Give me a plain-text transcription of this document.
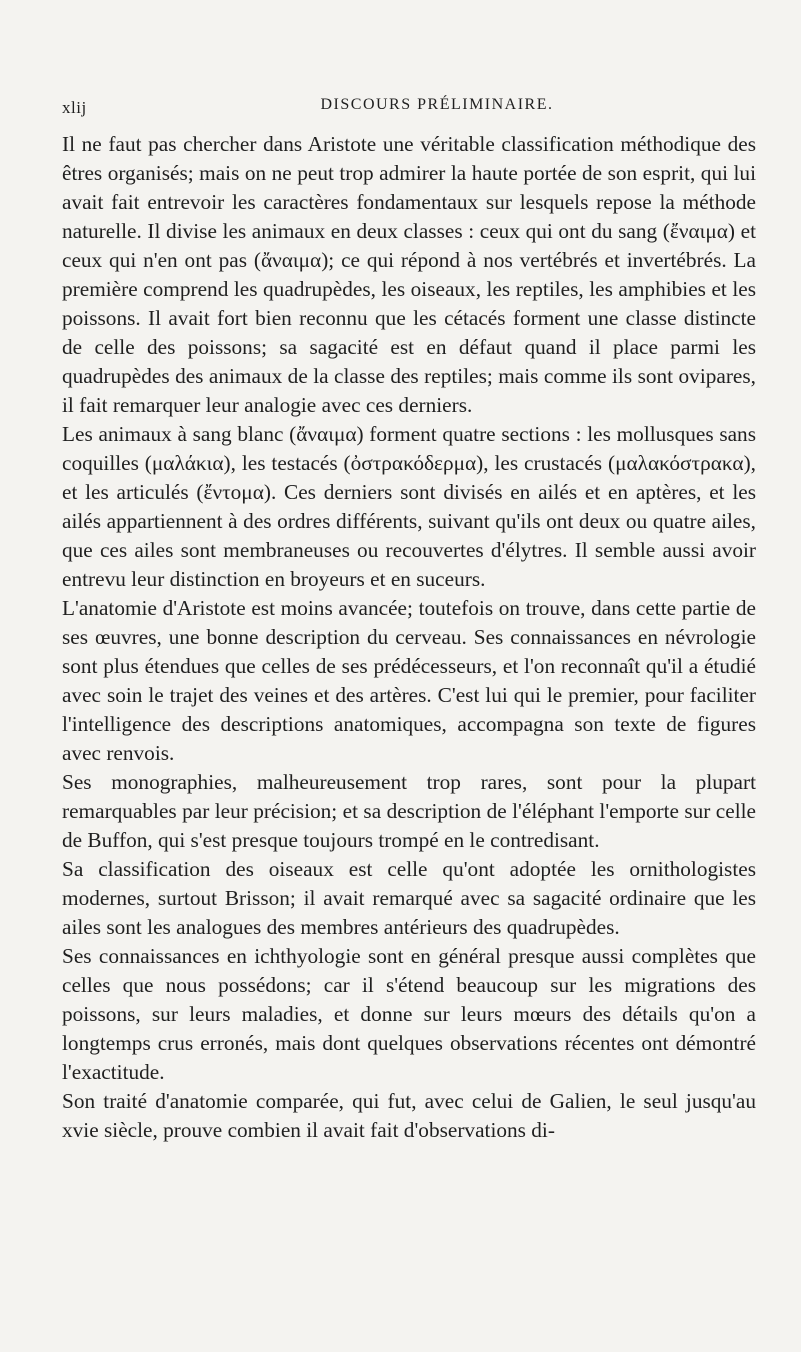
xlij	DISCOURS PRÉLIMINAIRE.

Il ne faut pas chercher dans Aristote une véritable classification méthodique des êtres organisés; mais on ne peut trop admirer la haute portée de son esprit, qui lui avait fait entrevoir les caractères fondamentaux sur lesquels repose la méthode naturelle. Il divise les animaux en deux classes : ceux qui ont du sang (ἔναιμα) et ceux qui n'en ont pas (ἄναιμα); ce qui répond à nos vertébrés et invertébrés. La première comprend les quadrupèdes, les oiseaux, les reptiles, les amphibies et les poissons. Il avait fort bien reconnu que les cétacés forment une classe distincte de celle des poissons; sa sagacité est en défaut quand il place parmi les quadrupèdes des animaux de la classe des reptiles; mais comme ils sont ovipares, il fait remarquer leur analogie avec ces derniers.

Les animaux à sang blanc (ἄναιμα) forment quatre sections : les mollusques sans coquilles (μαλάκια), les testacés (ὀστρακόδερμα), les crustacés (μαλακόστρακα), et les articulés (ἔντομα). Ces derniers sont divisés en ailés et en aptères, et les ailés appartiennent à des ordres différents, suivant qu'ils ont deux ou quatre ailes, que ces ailes sont membraneuses ou recouvertes d'élytres. Il semble aussi avoir entrevu leur distinction en broyeurs et en suceurs.

L'anatomie d'Aristote est moins avancée; toutefois on trouve, dans cette partie de ses œuvres, une bonne description du cerveau. Ses connaissances en névrologie sont plus étendues que celles de ses prédécesseurs, et l'on reconnaît qu'il a étudié avec soin le trajet des veines et des artères. C'est lui qui le premier, pour faciliter l'intelligence des descriptions anatomiques, accompagna son texte de figures avec renvois.

Ses monographies, malheureusement trop rares, sont pour la plupart remarquables par leur précision; et sa description de l'éléphant l'emporte sur celle de Buffon, qui s'est presque toujours trompé en le contredisant.

Sa classification des oiseaux est celle qu'ont adoptée les ornithologistes modernes, surtout Brisson; il avait remarqué avec sa sagacité ordinaire que les ailes sont les analogues des membres antérieurs des quadrupèdes.

Ses connaissances en ichthyologie sont en général presque aussi complètes que celles que nous possédons; car il s'étend beaucoup sur les migrations des poissons, sur leurs maladies, et donne sur leurs mœurs des détails qu'on a longtemps crus erronés, mais dont quelques observations récentes ont démontré l'exactitude.

Son traité d'anatomie comparée, qui fut, avec celui de Galien, le seul jusqu'au xvie siècle, prouve combien il avait fait d'observations di-
